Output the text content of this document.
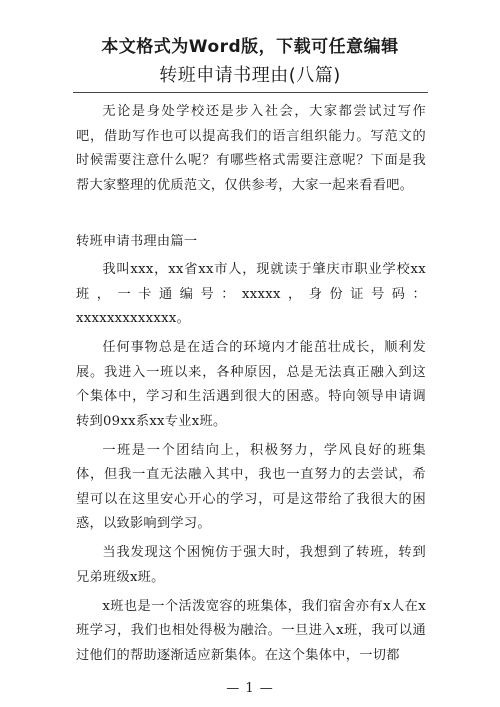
本文格式为Word版，下载可任意编辑
转班申请书理由(八篇)

无论是身处学校还是步入社会，大家都尝试过写作吧，借助写作也可以提高我们的语言组织能力。写范文的时候需要注意什么呢？有哪些格式需要注意呢？下面是我帮大家整理的优质范文，仅供参考，大家一起来看看吧。

转班申请书理由篇一

我叫xxx，xx省xx市人，现就读于肇庆市职业学校xx班，一卡通编号：xxxxx，身份证号码：xxxxxxxxxxxxx。

任何事物总是在适合的环境内才能茁壮成长，顺利发展。我进入一班以来，各种原因，总是无法真正融入到这个集体中，学习和生活遇到很大的困惑。特向领导申请调转到09xx系xx专业x班。

一班是一个团结向上，积极努力，学风良好的班集体，但我一直无法融入其中，我也一直努力的去尝试，希望可以在这里安心开心的学习，可是这带给了我很大的困惑，以致影响到学习。

当我发现这个困惋仿于强大时，我想到了转班，转到兄弟班级x班。

x班也是一个活泼宽容的班集体，我们宿舍亦有x人在x班学习，我们也相处得极为融洽。一旦进入x班，我可以通过他们的帮助逐渐适应新集体。在这个集体中，一切都

— 1 —
